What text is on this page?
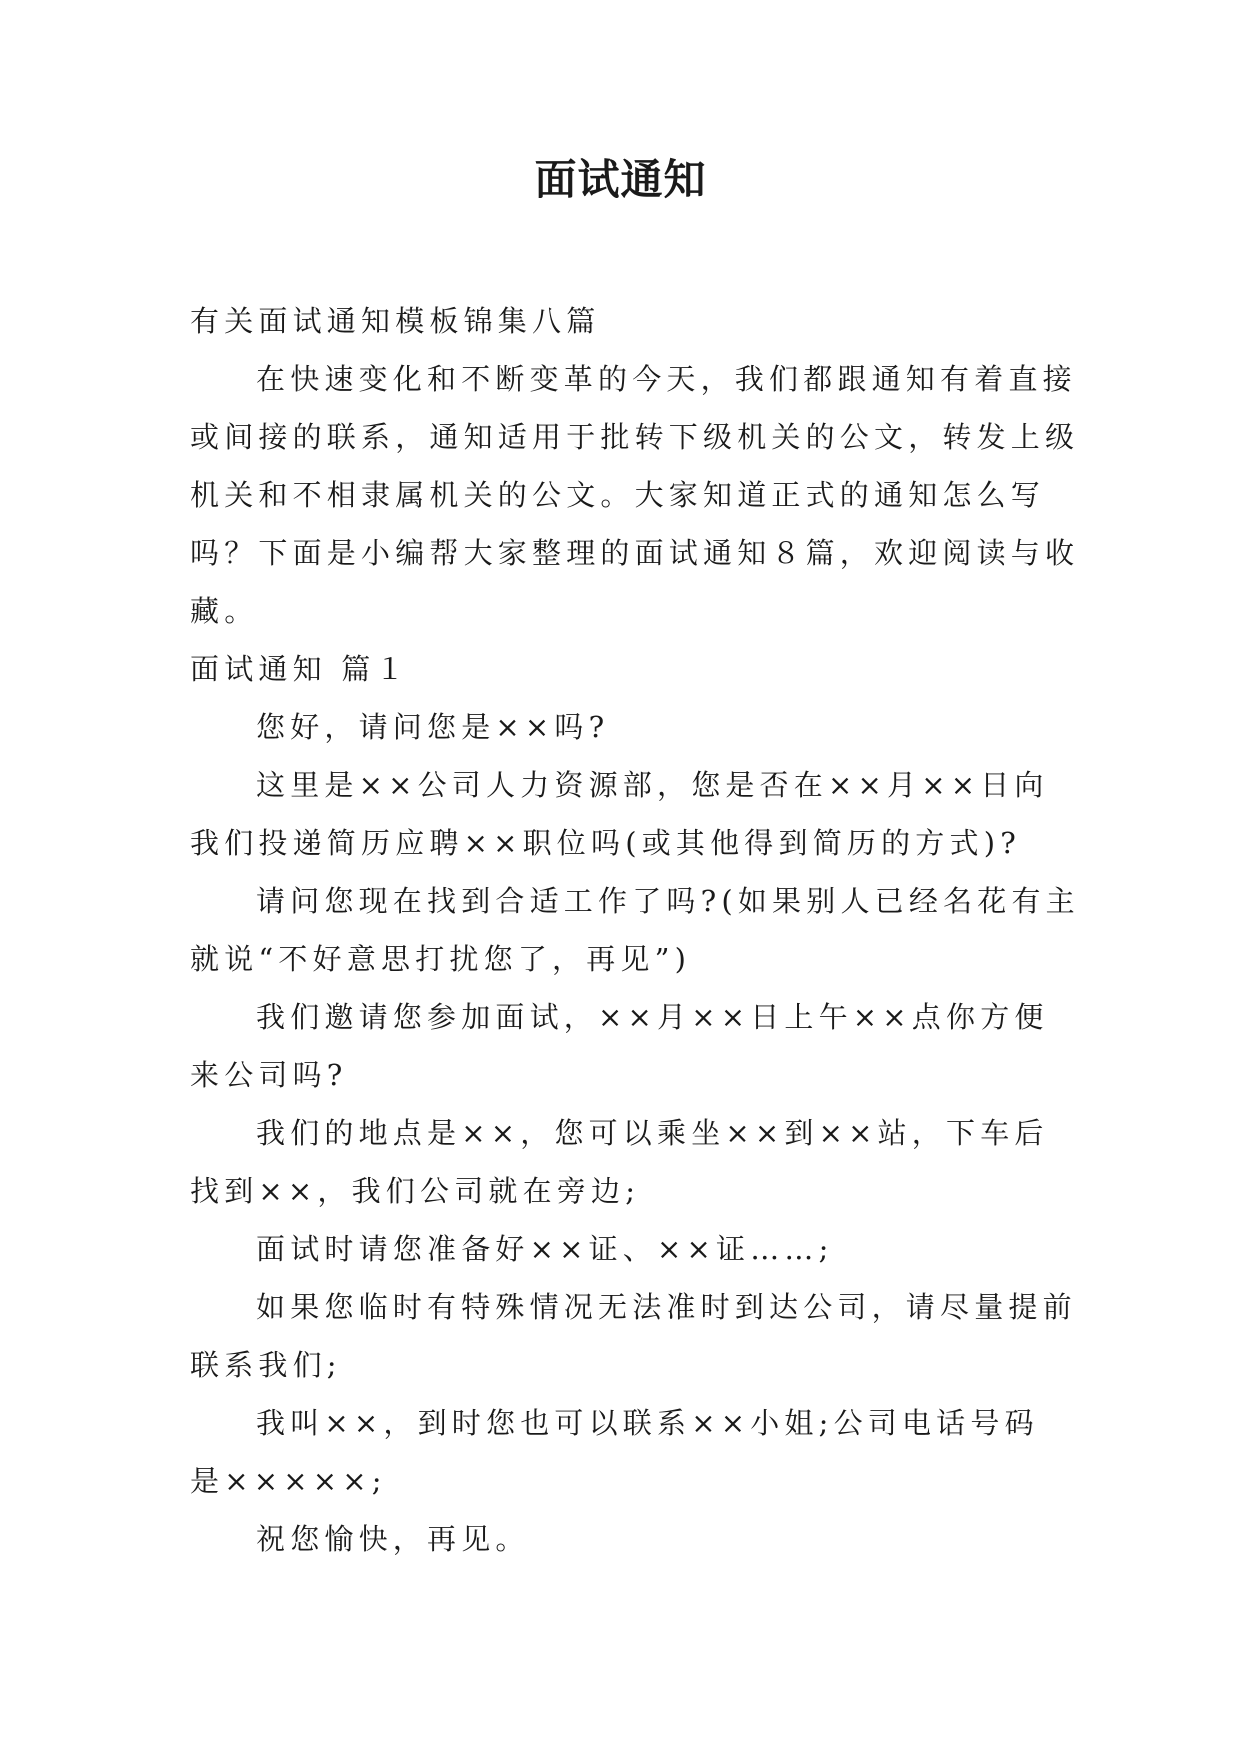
面试通知

有关面试通知模板锦集八篇

在快速变化和不断变革的今天，我们都跟通知有着直接

或间接的联系，通知适用于批转下级机关的公文，转发上级

机关和不相隶属机关的公文。大家知道正式的通知怎么写

吗？下面是小编帮大家整理的面试通知８篇，欢迎阅读与收

藏。

面试通知 篇１

您好，请问您是××吗?

这里是××公司人力资源部，您是否在××月××日向

我们投递简历应聘××职位吗(或其他得到简历的方式)?

请问您现在找到合适工作了吗?(如果别人已经名花有主

就说“不好意思打扰您了，再见”)

我们邀请您参加面试，××月××日上午××点你方便

来公司吗?

我们的地点是××，您可以乘坐××到××站，下车后

找到××，我们公司就在旁边;

面试时请您准备好××证、××证……;

如果您临时有特殊情况无法准时到达公司，请尽量提前

联系我们;

我叫××，到时您也可以联系××小姐;公司电话号码

是×××××;

祝您愉快，再见。
